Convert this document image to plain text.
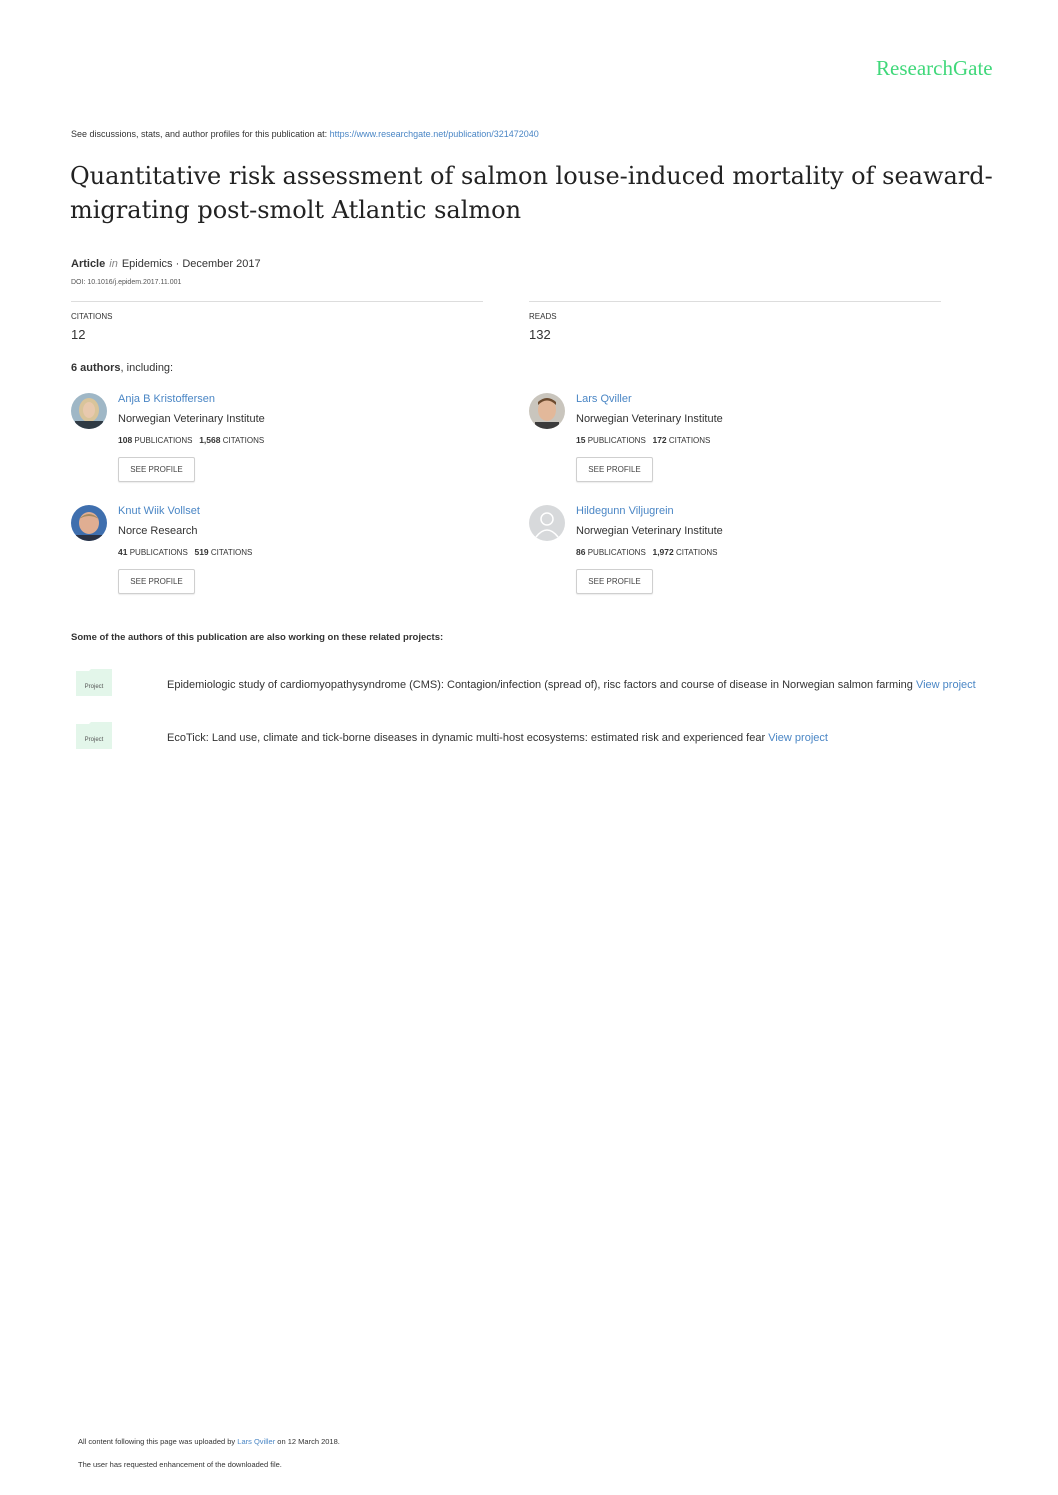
ResearchGate
See discussions, stats, and author profiles for this publication at: https://www.researchgate.net/publication/321472040
Quantitative risk assessment of salmon louse-induced mortality of seaward-migrating post-smolt Atlantic salmon
Article in Epidemics · December 2017
DOI: 10.1016/j.epidem.2017.11.001
CITATIONS
12
READS
132
6 authors, including:
Anja B Kristoffersen
Norwegian Veterinary Institute
108 PUBLICATIONS 1,568 CITATIONS
SEE PROFILE
Lars Qviller
Norwegian Veterinary Institute
15 PUBLICATIONS 172 CITATIONS
SEE PROFILE
Knut Wiik Vollset
Norce Research
41 PUBLICATIONS 519 CITATIONS
SEE PROFILE
Hildegunn Viljugrein
Norwegian Veterinary Institute
86 PUBLICATIONS 1,972 CITATIONS
SEE PROFILE
Some of the authors of this publication are also working on these related projects:
Project	Epidemiologic study of cardiomyopathysyndrome (CMS): Contagion/infection (spread of), risc factors and course of disease in Norwegian salmon farming View project
Project	EcoTick: Land use, climate and tick-borne diseases in dynamic multi-host ecosystems: estimated risk and experienced fear View project
All content following this page was uploaded by Lars Qviller on 12 March 2018.
The user has requested enhancement of the downloaded file.
